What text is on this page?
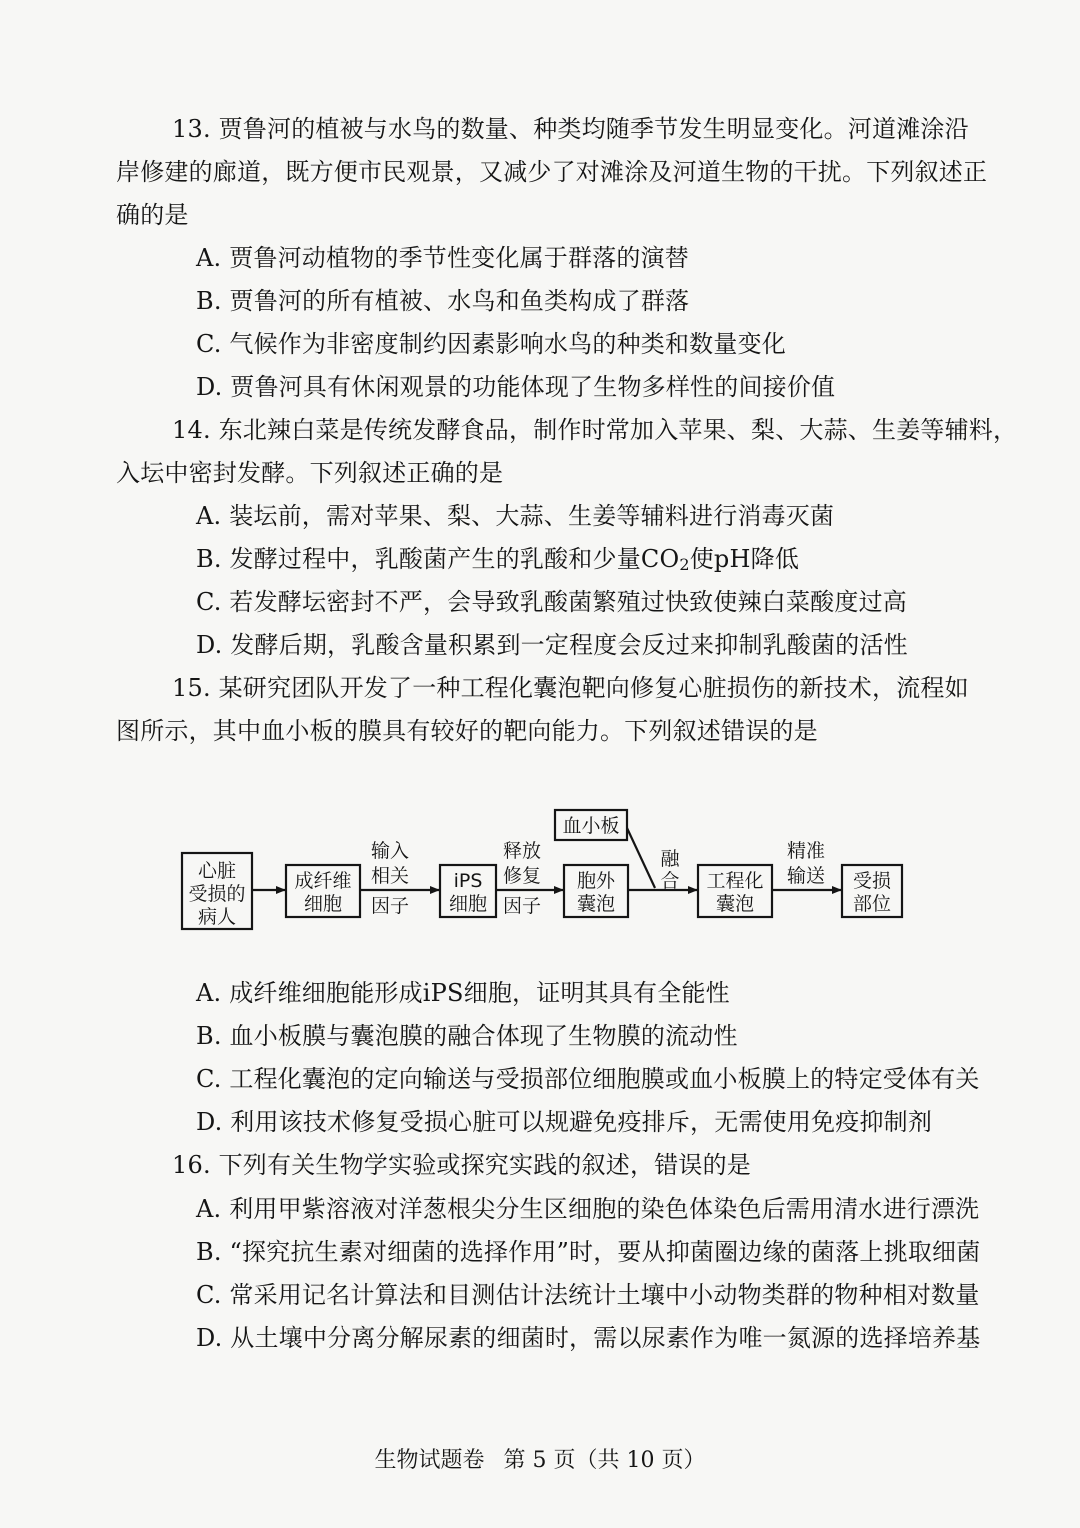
13. 贾鲁河的植被与水鸟的数量、种类均随季节发生明显变化。河道滩涂沿
岸修建的廊道，既方便市民观景，又减少了对滩涂及河道生物的干扰。下列叙述正
确的是
A. 贾鲁河动植物的季节性变化属于群落的演替
B. 贾鲁河的所有植被、水鸟和鱼类构成了群落
C. 气候作为非密度制约因素影响水鸟的种类和数量变化
D. 贾鲁河具有休闲观景的功能体现了生物多样性的间接价值
14. 东北辣白菜是传统发酵食品，制作时常加入苹果、梨、大蒜、生姜等辅料，
入坛中密封发酵。下列叙述正确的是
A. 装坛前，需对苹果、梨、大蒜、生姜等辅料进行消毒灭菌
B. 发酵过程中，乳酸菌产生的乳酸和少量$CO_2$使pH降低
C. 若发酵坛密封不严，会导致乳酸菌繁殖过快致使辣白菜酸度过高
D. 发酵后期，乳酸含量积累到一定程度会反过来抑制乳酸菌的活性
15. 某研究团队开发了一种工程化囊泡靶向修复心脏损伤的新技术，流程如
图所示，其中血小板的膜具有较好的靶向能力。下列叙述错误的是
心脏
受损的
病人
成纤维
细胞
输入
相关
因子
iPS
细胞
释放
修复
因子
胞外
囊泡
血小板
融
合 工程化
囊泡
精准
输送 受损
部位
A. 成纤维细胞能形成iPS细胞，证明其具有全能性
B. 血小板膜与囊泡膜的融合体现了生物膜的流动性
C. 工程化囊泡的定向输送与受损部位细胞膜或血小板膜上的特定受体有关
D. 利用该技术修复受损心脏可以规避免疫排斥，无需使用免疫抑制剂
16. 下列有关生物学实验或探究实践的叙述，错误的是
A. 利用甲紫溶液对洋葱根尖分生区细胞的染色体染色后需用清水进行漂洗
B. “探究抗生素对细菌的选择作用”时，要从抑菌圈边缘的菌落上挑取细菌
C. 常采用记名计算法和目测估计法统计土壤中小动物类群的物种相对数量
D. 从土壤中分离分解尿素的细菌时，需以尿素作为唯一氮源的选择培养基
生物试题卷 第 5 页（共 10 页）
